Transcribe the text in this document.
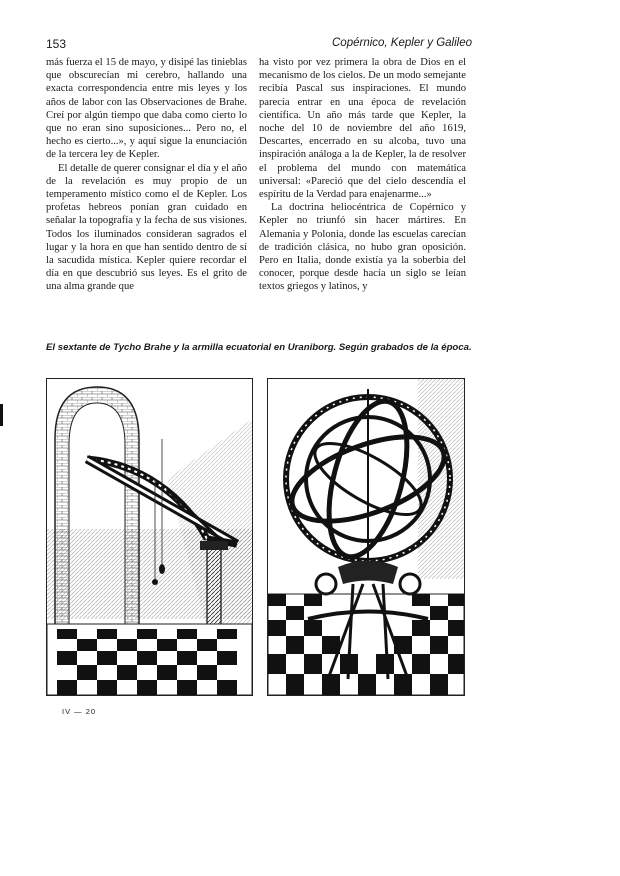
153	Copérnico, Kepler y Galileo

más fuerza el 15 de mayo, y disipé las tinieblas que obscurecían mi cerebro, hallando una exacta correspondencia entre mis leyes y los años de labor con las Observaciones de Brahe. Creí por algún tiempo que daba como cierto lo que no eran sino suposiciones... Pero no, el hecho es cierto...», y aquí sigue la enunciación de la tercera ley de Kepler.

El detalle de querer consignar el día y el año de la revelación es muy propio de un temperamento místico como el de Kepler. Los profetas hebreos ponían gran cuidado en señalar la topografía y la fecha de sus visiones. Todos los iluminados consideran sagrados el lugar y la hora en que han sentido dentro de sí la sacudida mística. Kepler quiere recordar el día en que descubrió sus leyes. Es el grito de una alma grande que

ha visto por vez primera la obra de Dios en el mecanismo de los cielos. De un modo semejante recibía Pascal sus inspiraciones. El mundo parecía entrar en una época de revelación científica. Un año más tarde que Kepler, la noche del 10 de noviembre del año 1619, Descartes, encerrado en su alcoba, tuvo una inspiración análoga a la de Kepler, la de resolver el problema del mundo con matemática universal: «Pareció que del cielo descendía el espíritu de la Verdad para enajenarme...»

La doctrina heliocéntrica de Copérnico y Kepler no triunfó sin hacer mártires. En Alemania y Polonia, donde las escuelas carecían de tradición clásica, no hubo gran oposición. Pero en Italia, donde existía ya la soberbia del conocer, porque desde hacía un siglo se leían textos griegos y latinos, y

El sextante de Tycho Brahe y la armilla ecuatorial en Uraniborg. Según grabados de la época.
IV — 20
